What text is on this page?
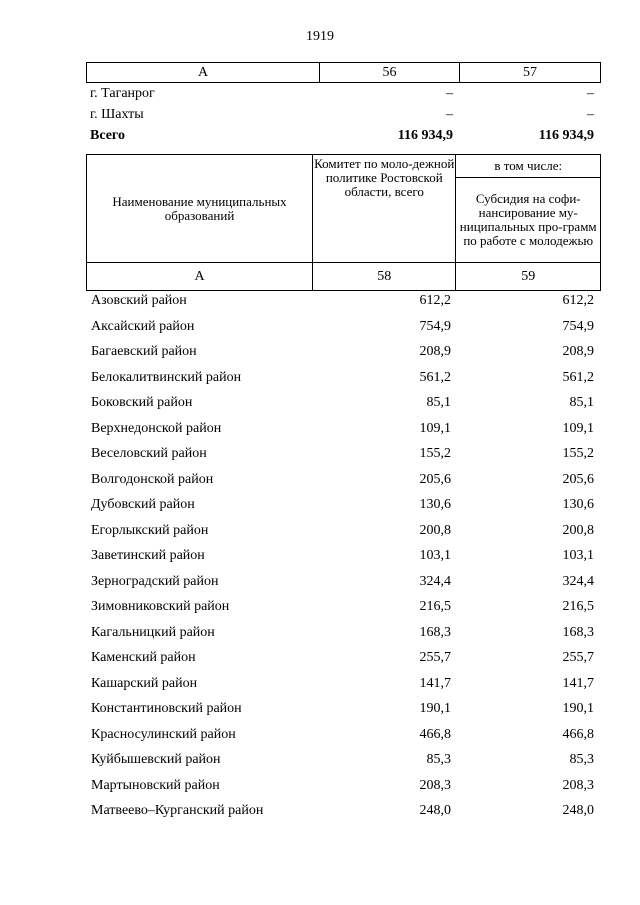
1919
А	56	57
г. Таганрог	–	–
г. Шахты	–	–
Всего	116 934,9	116 934,9
Наименование муниципальных образований	Комитет по моло-дежной политике Ростовской области, всего	в том числе:
		Субсидия на софи-нансирование му-ниципальных про-грамм по работе с молодежью
А	58	59
Азовский район	612,2	612,2
Аксайский район	754,9	754,9
Багаевский район	208,9	208,9
Белокалитвинский район	561,2	561,2
Боковский район	85,1	85,1
Верхнедонской район	109,1	109,1
Веселовский район	155,2	155,2
Волгодонской район	205,6	205,6
Дубовский район	130,6	130,6
Егорлыкский район	200,8	200,8
Заветинский район	103,1	103,1
Зерноградский район	324,4	324,4
Зимовниковский район	216,5	216,5
Кагальницкий район	168,3	168,3
Каменский район	255,7	255,7
Кашарский район	141,7	141,7
Константиновский район	190,1	190,1
Красносулинский район	466,8	466,8
Куйбышевский район	85,3	85,3
Мартыновский район	208,3	208,3
Матвеево–Курганский район	248,0	248,0
